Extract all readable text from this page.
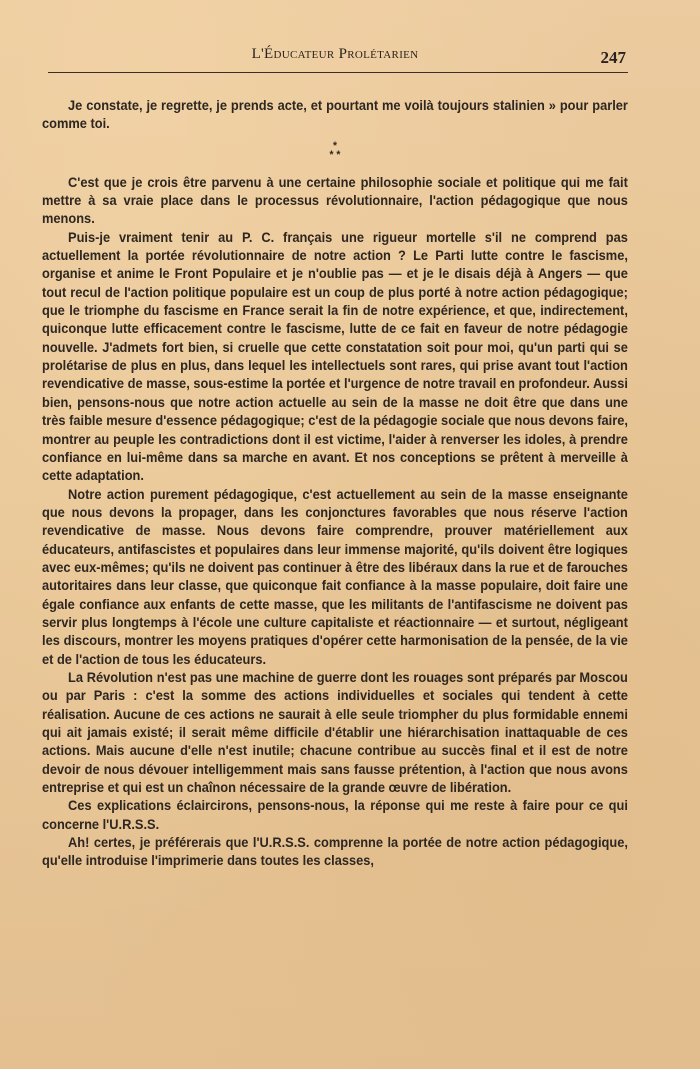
L'Éducateur Prolétarien	247

Je constate, je regrette, je prends acte, et pourtant me voilà toujours stalinien » pour parler comme toi.

*
* *

C'est que je crois être parvenu à une certaine philosophie sociale et politique qui me fait mettre à sa vraie place dans le processus révolutionnaire, l'action pédagogique que nous menons.

Puis-je vraiment tenir au P. C. français une rigueur mortelle s'il ne comprend pas actuellement la portée révolutionnaire de notre action ? Le Parti lutte contre le fascisme, organise et anime le Front Populaire et je n'oublie pas — et je le disais déjà à Angers — que tout recul de l'action politique populaire est un coup de plus porté à notre action pédagogique; que le triomphe du fascisme en France serait la fin de notre expérience, et que, indirectement, quiconque lutte efficacement contre le fascisme, lutte de ce fait en faveur de notre pédagogie nouvelle. J'admets fort bien, si cruelle que cette constatation soit pour moi, qu'un parti qui se prolétarise de plus en plus, dans lequel les intellectuels sont rares, qui prise avant tout l'action revendicative de masse, sous-estime la portée et l'urgence de notre travail en profondeur. Aussi bien, pensons-nous que notre action actuelle au sein de la masse ne doit être que dans une très faible mesure d'essence pédagogique; c'est de la pédagogie sociale que nous devons faire, montrer au peuple les contradictions dont il est victime, l'aider à renverser les idoles, à prendre confiance en lui-même dans sa marche en avant. Et nos conceptions se prêtent à merveille à cette adaptation.

Notre action purement pédagogique, c'est actuellement au sein de la masse enseignante que nous devons la propager, dans les conjonctures favorables que nous réserve l'action revendicative de masse. Nous devons faire comprendre, prouver matériellement aux éducateurs, antifascistes et populaires dans leur immense majorité, qu'ils doivent être logiques avec eux-mêmes; qu'ils ne doivent pas continuer à être des libéraux dans la rue et de farouches autoritaires dans leur classe, que quiconque fait confiance à la masse populaire, doit faire une égale confiance aux enfants de cette masse, que les militants de l'antifascisme ne doivent pas servir plus longtemps à l'école une culture capitaliste et réactionnaire — et surtout, négligeant les discours, montrer les moyens pratiques d'opérer cette harmonisation de la pensée, de la vie et de l'action de tous les éducateurs.

La Révolution n'est pas une machine de guerre dont les rouages sont préparés par Moscou ou par Paris : c'est la somme des actions individuelles et sociales qui tendent à cette réalisation. Aucune de ces actions ne saurait à elle seule triompher du plus formidable ennemi qui ait jamais existé; il serait même difficile d'établir une hiérarchisation inattaquable de ces actions. Mais aucune d'elle n'est inutile; chacune contribue au succès final et il est de notre devoir de nous dévouer intelligemment mais sans fausse prétention, à l'action que nous avons entreprise et qui est un chaînon nécessaire de la grande œuvre de libération.

Ces explications éclaircirons, pensons-nous, la réponse qui me reste à faire pour ce qui concerne l'U.R.S.S.

Ah! certes, je préférerais que l'U.R.S.S. comprenne la portée de notre action pédagogique, qu'elle introduise l'imprimerie dans toutes les classes,
